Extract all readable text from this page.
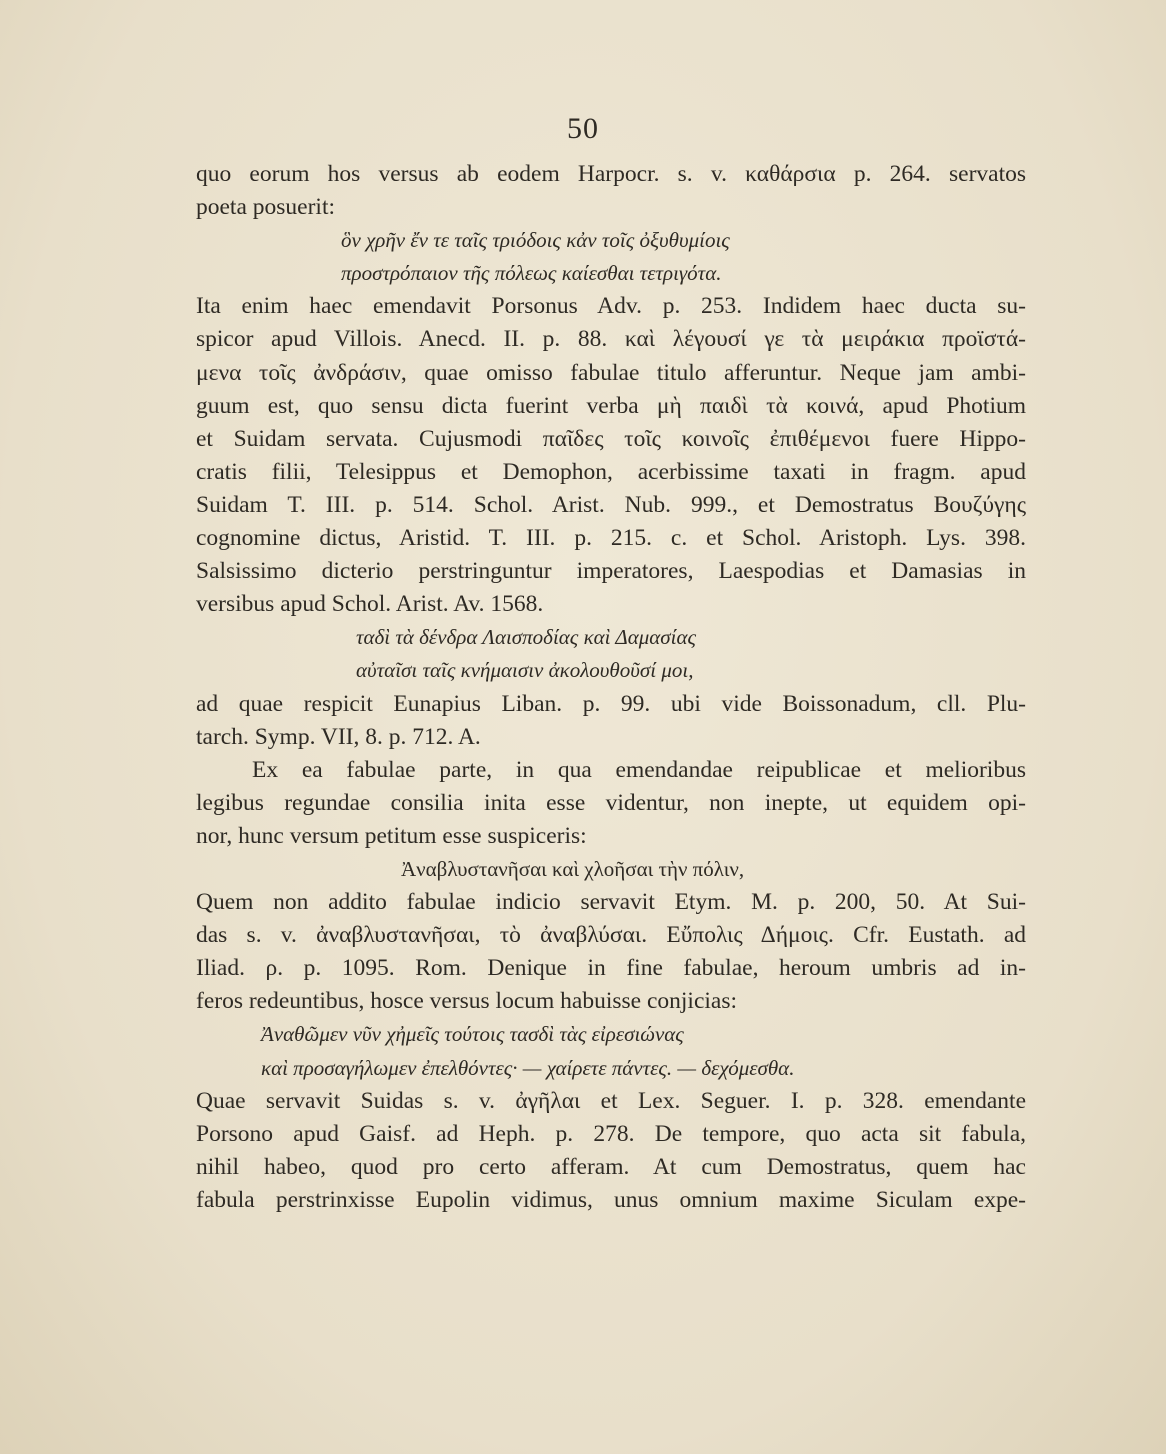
50
quo eorum hos versus ab eodem Harpocr. s. v. καθάρσια p. 264. servatos
poeta posuerit:
ὃν χρῆν ἔν τε ταῖς τριόδοις κἀν τοῖς ὀξυθυμίοις
προστρόπαιον τῆς πόλεως καίεσθαι τετριγότα.
Ita enim haec emendavit Porsonus Adv. p. 253. Indidem haec ducta su-
spicor apud Villois. Anecd. II. p. 88. καὶ λέγουσί γε τὰ μειράκια προϊστά-
μενα τοῖς ἀνδράσιν, quae omisso fabulae titulo afferuntur. Neque jam ambi-
guum est, quo sensu dicta fuerint verba μὴ παιδὶ τὰ κοινά, apud Photium
et Suidam servata. Cujusmodi παῖδες τοῖς κοινοῖς ἐπιθέμενοι fuere Hippo-
cratis filii, Telesippus et Demophon, acerbissime taxati in fragm. apud
Suidam T. III. p. 514. Schol. Arist. Nub. 999., et Demostratus Βουζύγης
cognomine dictus, Aristid. T. III. p. 215. c. et Schol. Aristoph. Lys. 398.
Salsissimo dicterio perstringuntur imperatores, Laespodias et Damasias in
versibus apud Schol. Arist. Av. 1568.
ταδὶ τὰ δένδρα Λαισποδίας καὶ Δαμασίας
αὐταῖσι ταῖς κνήμαισιν ἀκολουθοῦσί μοι,
ad quae respicit Eunapius Liban. p. 99. ubi vide Boissonadum, cll. Plu-
tarch. Symp. VII, 8. p. 712. A.
Ex ea fabulae parte, in qua emendandae reipublicae et melioribus
legibus regundae consilia inita esse videntur, non inepte, ut equidem opi-
nor, hunc versum petitum esse suspiceris:
Ἀναβλυστανῆσαι καὶ χλοῆσαι τὴν πόλιν,
Quem non addito fabulae indicio servavit Etym. M. p. 200, 50. At Sui-
das s. v. ἀναβλυστανῆσαι, τὸ ἀναβλύσαι. Εὔπολις Δήμοις. Cfr. Eustath. ad
Iliad. ρ. p. 1095. Rom. Denique in fine fabulae, heroum umbris ad in-
feros redeuntibus, hosce versus locum habuisse conjicias:
Ἀναθῶμεν νῦν χἠμεῖς τούτοις τασδὶ τὰς εἰρεσιώνας
καὶ προσαγήλωμεν ἐπελθόντες· — χαίρετε πάντες. — δεχόμεσθα.
Quae servavit Suidas s. v. ἀγῆλαι et Lex. Seguer. I. p. 328. emendante
Porsono apud Gaisf. ad Heph. p. 278. De tempore, quo acta sit fabula,
nihil habeo, quod pro certo afferam. At cum Demostratus, quem hac
fabula perstrinxisse Eupolin vidimus, unus omnium maxime Siculam expe-
